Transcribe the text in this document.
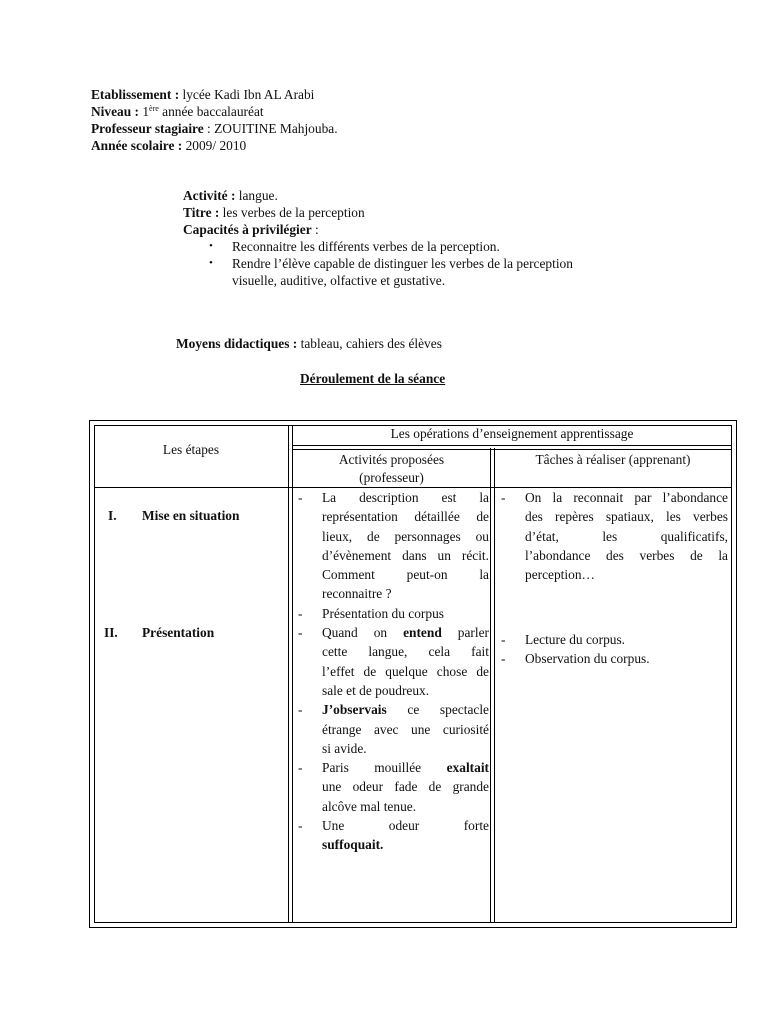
Etablissement : lycée Kadi Ibn AL Arabi
Niveau : 1ère année baccalauréat
Professeur stagiaire : ZOUITINE Mahjouba.
Année scolaire : 2009/ 2010
Activité : langue.
Titre : les verbes de la perception
Capacités à privilégier :
• Reconnaitre les différents verbes de la perception.
• Rendre l’élève capable de distinguer les verbes de la perception
visuelle, auditive, olfactive et gustative.
Moyens didactiques : tableau, cahiers des élèves
Déroulement de la séance
Les étapes
Les opérations d’enseignement apprentissage
Activités proposées
(professeur)
Tâches à réaliser (apprenant)
I. Mise en situation
II. Présentation
- La description est la
représentation détaillée de
lieux, de personnages ou
d’évènement dans un récit.
Comment peut-on la
reconnaitre ?
- Présentation du corpus
- Quand on entend parler
cette langue, cela fait
l’effet de quelque chose de
sale et de poudreux.
- J’observais ce spectacle
étrange avec une curiosité
si avide.
- Paris mouillée exaltait
une odeur fade de grande
alcôve mal tenue.
- Une odeur forte
suffoquait.
- On la reconnait par l’abondance
des repères spatiaux, les verbes
d’état, les qualificatifs,
l’abondance des verbes de la
perception…
- Lecture du corpus.
- Observation du corpus.
